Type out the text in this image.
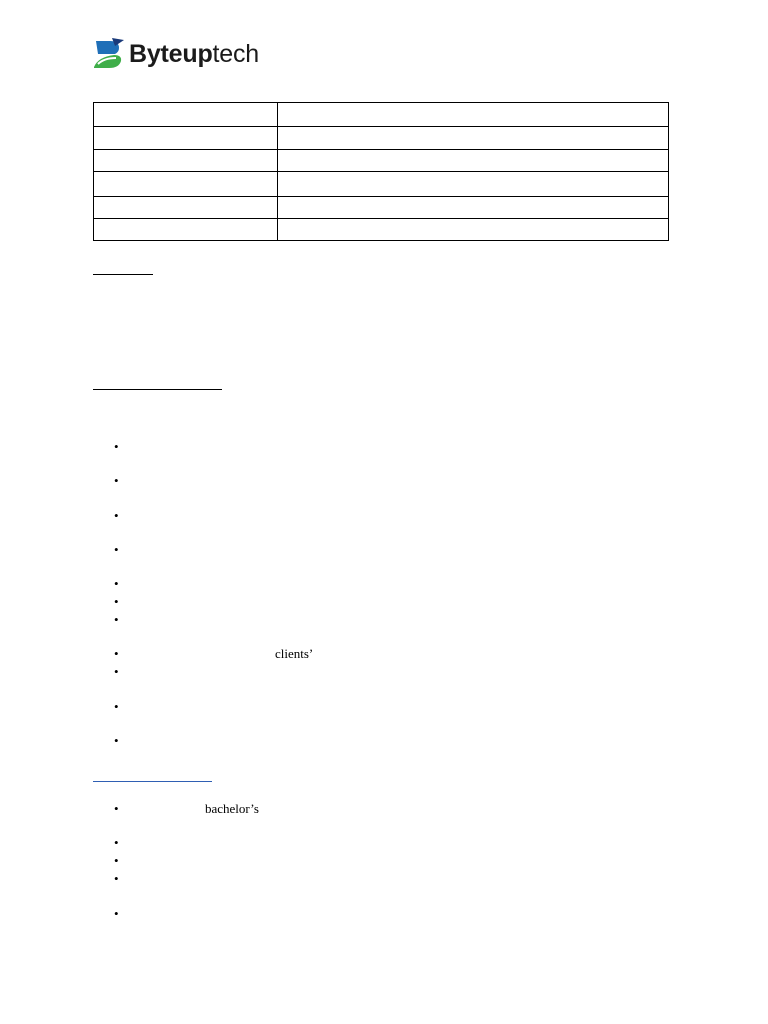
Byteuptech

•
•
•
•
•
•
•
•	clients’
•
•
•
•	bachelor’s
•
•
•
•
